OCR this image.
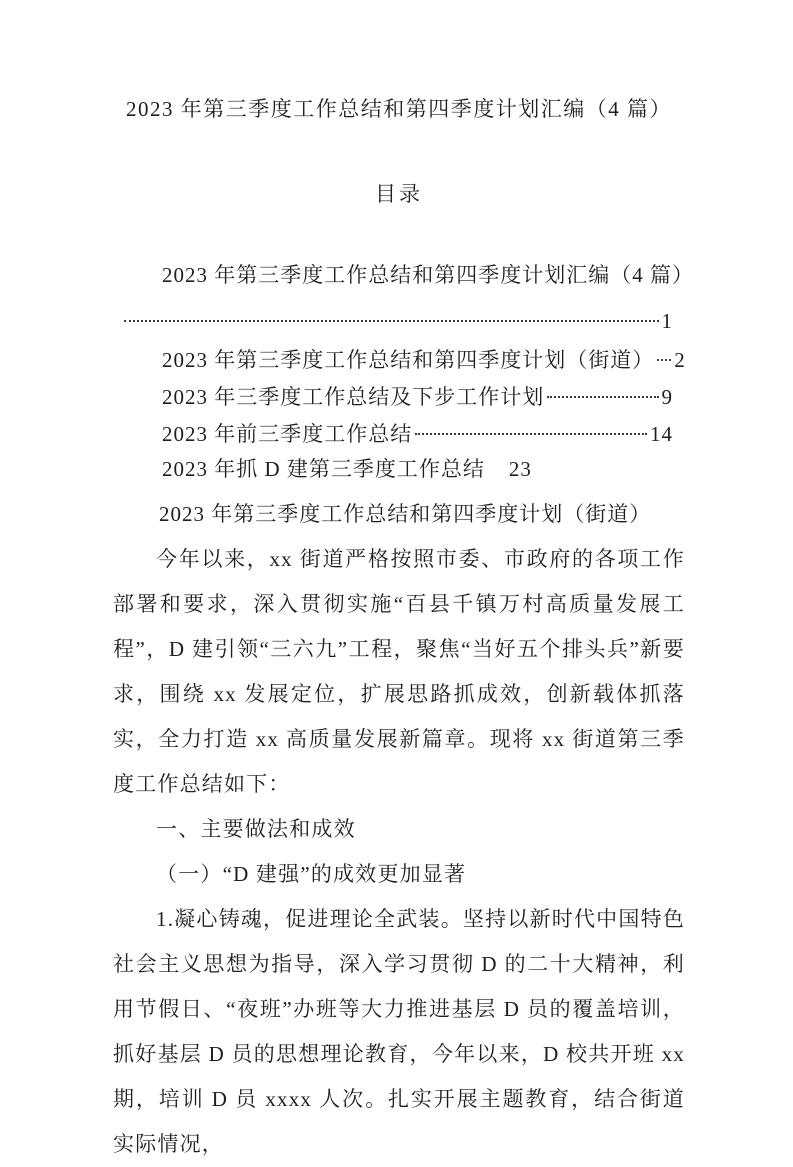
2023 年第三季度工作总结和第四季度计划汇编（4 篇）
目录
2023 年第三季度工作总结和第四季度计划汇编（4 篇）
1
2023 年第三季度工作总结和第四季度计划（街道） 2
2023 年三季度工作总结及下步工作计划	9
2023 年前三季度工作总结	14
2023 年抓 D 建第三季度工作总结 23
2023 年第三季度工作总结和第四季度计划（街道）

今年以来，xx 街道严格按照市委、市政府的各项工作部署和要求，深入贯彻实施“百县千镇万村高质量发展工程”，D 建引领“三六九”工程，聚焦“当好五个排头兵”新要求，围绕 xx 发展定位，扩展思路抓成效，创新载体抓落实，全力打造 xx 高质量发展新篇章。现将 xx 街道第三季度工作总结如下：

一、主要做法和成效

（一）“D 建强”的成效更加显著

1.凝心铸魂，促进理论全武装。坚持以新时代中国特色社会主义思想为指导，深入学习贯彻 D 的二十大精神，利用节假日、“夜班”办班等大力推进基层 D 员的覆盖培训，抓好基层 D 员的思想理论教育，今年以来，D 校共开班 xx 期，培训 D 员 xxxx 人次。扎实开展主题教育，结合街道实际情况，
